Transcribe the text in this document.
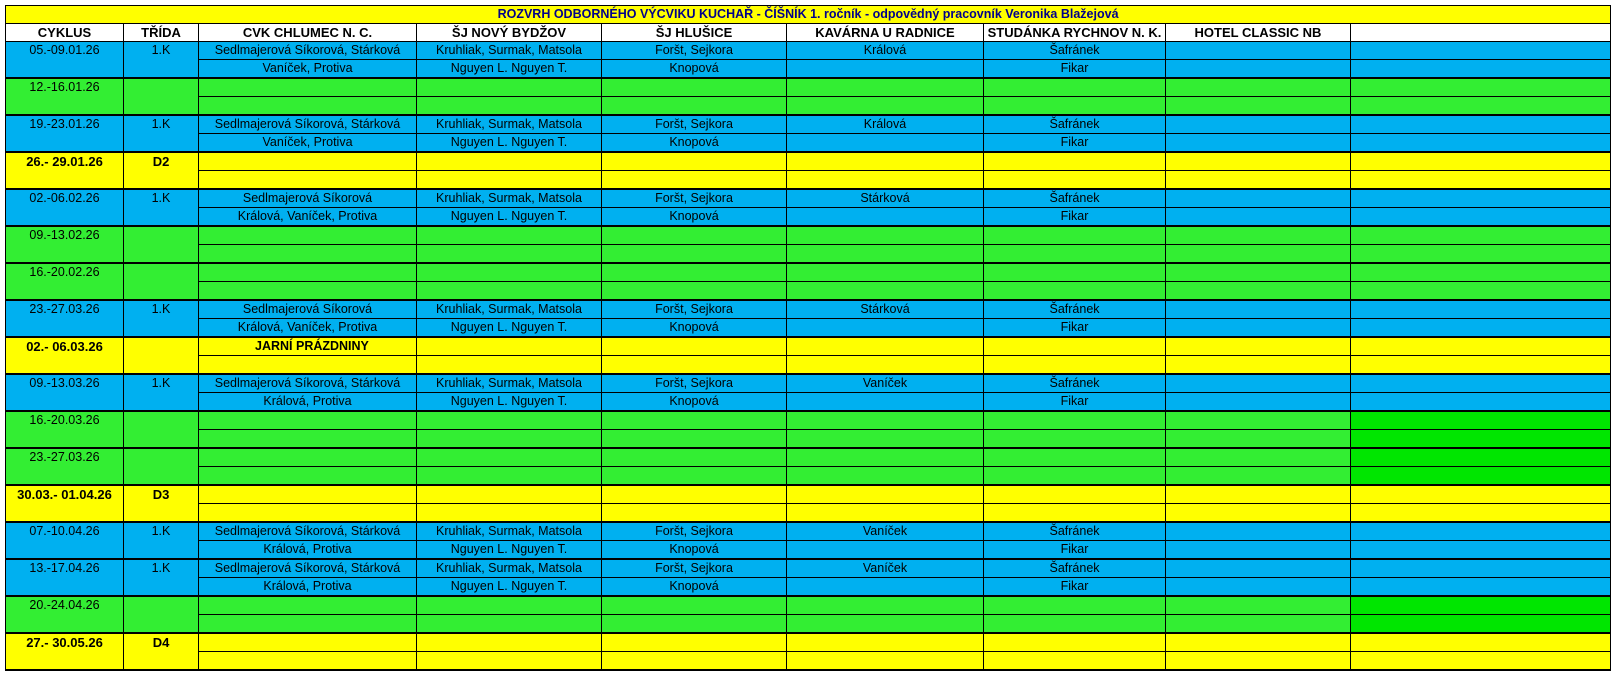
ROZVRH ODBORNÉHO VÝCVIKU KUCHAŘ - ČÍŠNÍK 1. ročník - odpovědný pracovník Veronika Blažejová								
CYKLUS	TŘÍDA	CVK CHLUMEC N. C.	ŠJ NOVÝ BYDŽOV	ŠJ HLUŠICE	KAVÁRNA U RADNICE	STUDÁNKA RYCHNOV N. K.	HOTEL CLASSIC NB	
05.-09.01.26	1.K	Sedlmajerová Síkorová, Stárková	Kruhliak, Surmak, Matsola	Foršt, Sejkora	Králová	Šafránek		
		Vaníček, Protiva	Nguyen L. Nguyen T.	Knopová		Fikar		
12.-16.01.26								

19.-23.01.26	1.K	Sedlmajerová Síkorová, Stárková	Kruhliak, Surmak, Matsola	Foršt, Sejkora	Králová	Šafránek		
		Vaníček, Protiva	Nguyen L. Nguyen T.	Knopová		Fikar		
26.- 29.01.26	D2							

02.-06.02.26	1.K	Sedlmajerová Síkorová	Kruhliak, Surmak, Matsola	Foršt, Sejkora	Stárková	Šafránek		
		Králová, Vaníček, Protiva	Nguyen L. Nguyen T.	Knopová		Fikar		
09.-13.02.26								

16.-20.02.26								

23.-27.03.26	1.K	Sedlmajerová Síkorová	Kruhliak, Surmak, Matsola	Foršt, Sejkora	Stárková	Šafránek		
		Králová, Vaníček, Protiva	Nguyen L. Nguyen T.	Knopová		Fikar		
02.- 06.03.26		JARNÍ PRÁZDNINY						

09.-13.03.26	1.K	Sedlmajerová Síkorová, Stárková	Kruhliak, Surmak, Matsola	Foršt, Sejkora	Vaníček	Šafránek		
		Králová, Protiva	Nguyen L. Nguyen T.	Knopová		Fikar		
16.-20.03.26								

23.-27.03.26								

30.03.- 01.04.26	D3							

07.-10.04.26	1.K	Sedlmajerová Síkorová, Stárková	Kruhliak, Surmak, Matsola	Foršt, Sejkora	Vaníček	Šafránek		
		Králová, Protiva	Nguyen L. Nguyen T.	Knopová		Fikar		
13.-17.04.26	1.K	Sedlmajerová Síkorová, Stárková	Kruhliak, Surmak, Matsola	Foršt, Sejkora	Vaníček	Šafránek		
		Králová, Protiva	Nguyen L. Nguyen T.	Knopová		Fikar		
20.-24.04.26								

27.- 30.05.26	D4							
